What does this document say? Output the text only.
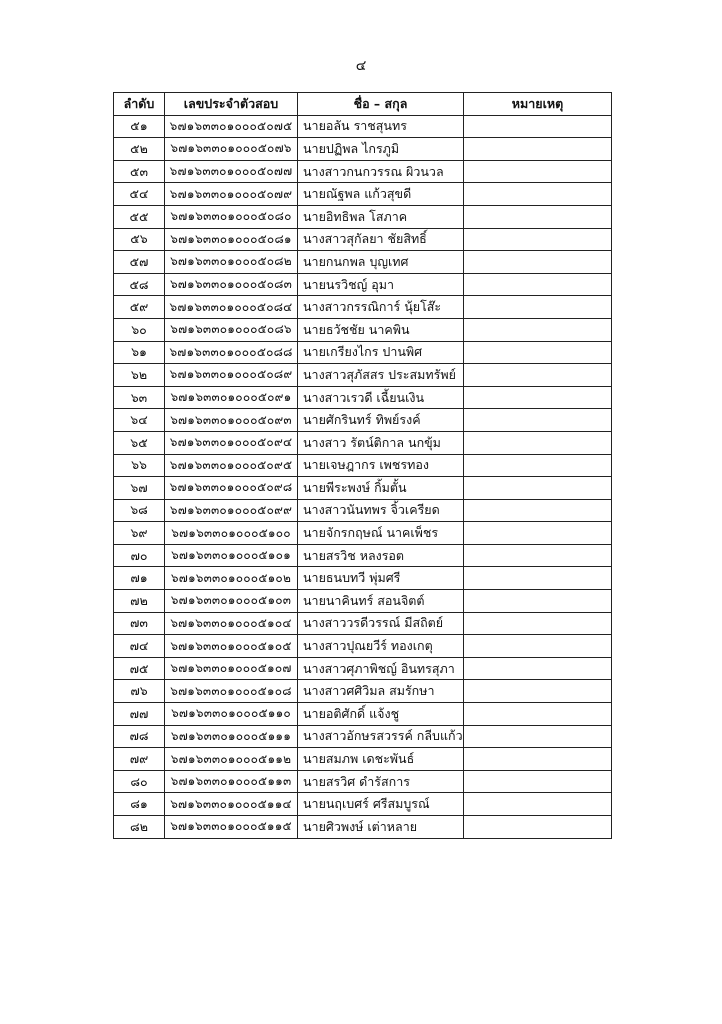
๔
ลำดับ	เลขประจำตัวสอบ	ชื่อ – สกุล	หมายเหตุ
๕๑	๖๗๑๖๓๓๐๑๐๐๐๕๐๗๕	นายอลัน ราชสุนทร	
๕๒	๖๗๑๖๓๓๐๑๐๐๐๕๐๗๖	นายปฏิพล ไกรภูมิ	
๕๓	๖๗๑๖๓๓๐๑๐๐๐๕๐๗๗	นางสาวกนกวรรณ ผิวนวล	
๕๔	๖๗๑๖๓๓๐๑๐๐๐๕๐๗๙	นายณัฐพล แก้วสุขดี	
๕๕	๖๗๑๖๓๓๐๑๐๐๐๕๐๘๐	นายอิทธิพล โสภาค	
๕๖	๖๗๑๖๓๓๐๑๐๐๐๕๐๘๑	นางสาวสุกัลยา ชัยสิทธิ์	
๕๗	๖๗๑๖๓๓๐๑๐๐๐๕๐๘๒	นายกนกพล บุญเทศ	
๕๘	๖๗๑๖๓๓๐๑๐๐๐๕๐๘๓	นายนรวิชญ์ อุมา	
๕๙	๖๗๑๖๓๓๐๑๐๐๐๕๐๘๔	นางสาวกรรณิการ์ นุ้ยโส๊ะ	
๖๐	๖๗๑๖๓๓๐๑๐๐๐๕๐๘๖	นายธวัชชัย นาคพิน	
๖๑	๖๗๑๖๓๓๐๑๐๐๐๕๐๘๘	นายเกรียงไกร ปานพิศ	
๖๒	๖๗๑๖๓๓๐๑๐๐๐๕๐๘๙	นางสาวสุภัสสร ประสมทรัพย์	
๖๓	๖๗๑๖๓๓๐๑๐๐๐๕๐๙๑	นางสาวเรวดี เฉี้ยนเงิน	
๖๔	๖๗๑๖๓๓๐๑๐๐๐๕๐๙๓	นายศักรินทร์ ทิพย์รงค์	
๖๕	๖๗๑๖๓๓๐๑๐๐๐๕๐๙๔	นางสาว รัตน์ติกาล นกขุ้ม	
๖๖	๖๗๑๖๓๓๐๑๐๐๐๕๐๙๕	นายเจษฎากร เพชรทอง	
๖๗	๖๗๑๖๓๓๐๑๐๐๐๕๐๙๘	นายพีระพงษ์ กิ้มตั้น	
๖๘	๖๗๑๖๓๓๐๑๐๐๐๕๐๙๙	นางสาวนันทพร จิ้วเครียด	
๖๙	๖๗๑๖๓๓๐๑๐๐๐๕๑๐๐	นายจักรกฤษณ์ นาคเพ็ชร	
๗๐	๖๗๑๖๓๓๐๑๐๐๐๕๑๐๑	นายสรวิช หลงรอต	
๗๑	๖๗๑๖๓๓๐๑๐๐๐๕๑๐๒	นายธนบทวี พุ่มศรี	
๗๒	๖๗๑๖๓๓๐๑๐๐๐๕๑๐๓	นายนาคินทร์ สอนจิตต์	
๗๓	๖๗๑๖๓๓๐๑๐๐๐๕๑๐๔	นางสาววรดีวรรณ์ มีสถิตย์	
๗๔	๖๗๑๖๓๓๐๑๐๐๐๕๑๐๕	นางสาวปุณยวีร์ ทองเกตุ	
๗๕	๖๗๑๖๓๓๐๑๐๐๐๕๑๐๗	นางสาวศุภาพิชญ์ อินทรสุภา	
๗๖	๖๗๑๖๓๓๐๑๐๐๐๕๑๐๘	นางสาวศศิวิมล สมรักษา	
๗๗	๖๗๑๖๓๓๐๑๐๐๐๕๑๑๐	นายอติศักดิ์ แจ้งชู	
๗๘	๖๗๑๖๓๓๐๑๐๐๐๕๑๑๑	นางสาวอักษรสวรรค์ กลีบแก้ว	
๗๙	๖๗๑๖๓๓๐๑๐๐๐๕๑๑๒	นายสมภพ เดชะพันธ์	
๘๐	๖๗๑๖๓๓๐๑๐๐๐๕๑๑๓	นายสรวิศ ดำรัสการ	
๘๑	๖๗๑๖๓๓๐๑๐๐๐๕๑๑๔	นายนฤเบศร์ ศรีสมบูรณ์	
๘๒	๖๗๑๖๓๓๐๑๐๐๐๕๑๑๕	นายศิวพงษ์ เต่าหลาย	
